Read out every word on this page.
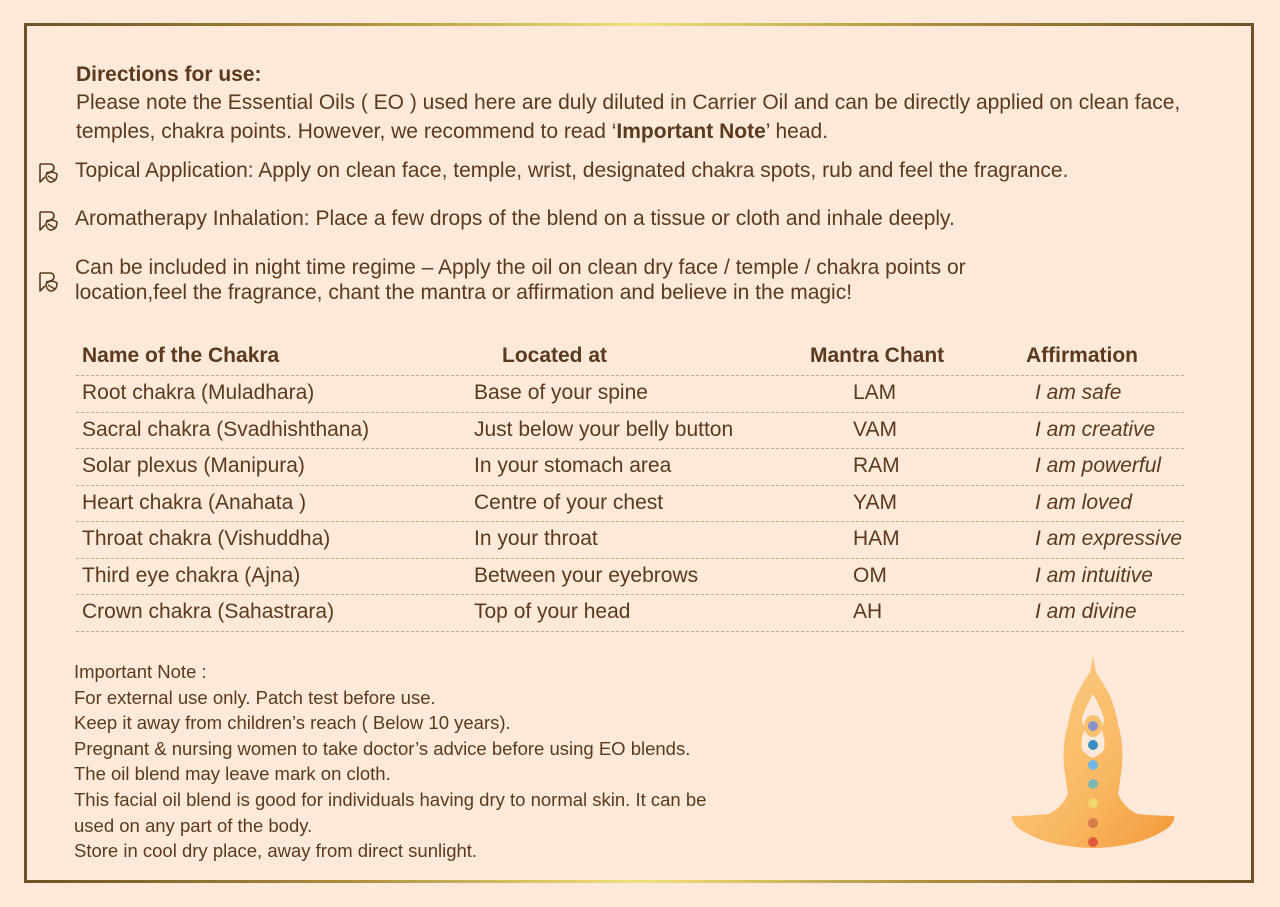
Directions for use:
Please note the Essential Oils ( EO ) used here are duly diluted in Carrier Oil and can be directly applied on clean face, temples, chakra points. However, we recommend to read ‘Important Note’ head.
Topical Application: Apply on clean face, temple, wrist, designated chakra spots, rub and feel the fragrance.
Aromatherapy Inhalation: Place a few drops of the blend on a tissue or cloth and inhale deeply.
Can be included in night time regime – Apply the oil on clean dry face / temple / chakra points or
location,feel the fragrance, chant the mantra or affirmation and believe in the magic!
Name of the Chakra	Located at	Mantra Chant	Affirmation
Root chakra (Muladhara)	Base of your spine	LAM	I am safe
Sacral chakra (Svadhishthana)	Just below your belly button	VAM	I am creative
Solar plexus (Manipura)	In your stomach area	RAM	I am powerful
Heart chakra (Anahata )	Centre of your chest	YAM	I am loved
Throat chakra (Vishuddha)	In your throat	HAM	I am expressive
Third eye chakra (Ajna)	Between your eyebrows	OM	I am intuitive
Crown chakra (Sahastrara)	Top of your head	AH	I am divine
Important Note :
For external use only. Patch test before use.
Keep it away from children’s reach ( Below 10 years).
Pregnant & nursing women to take doctor’s advice before using EO blends.
The oil blend may leave mark on cloth.
This facial oil blend is good for individuals having dry to normal skin. It can be
used on any part of the body.
Store in cool dry place, away from direct sunlight.
